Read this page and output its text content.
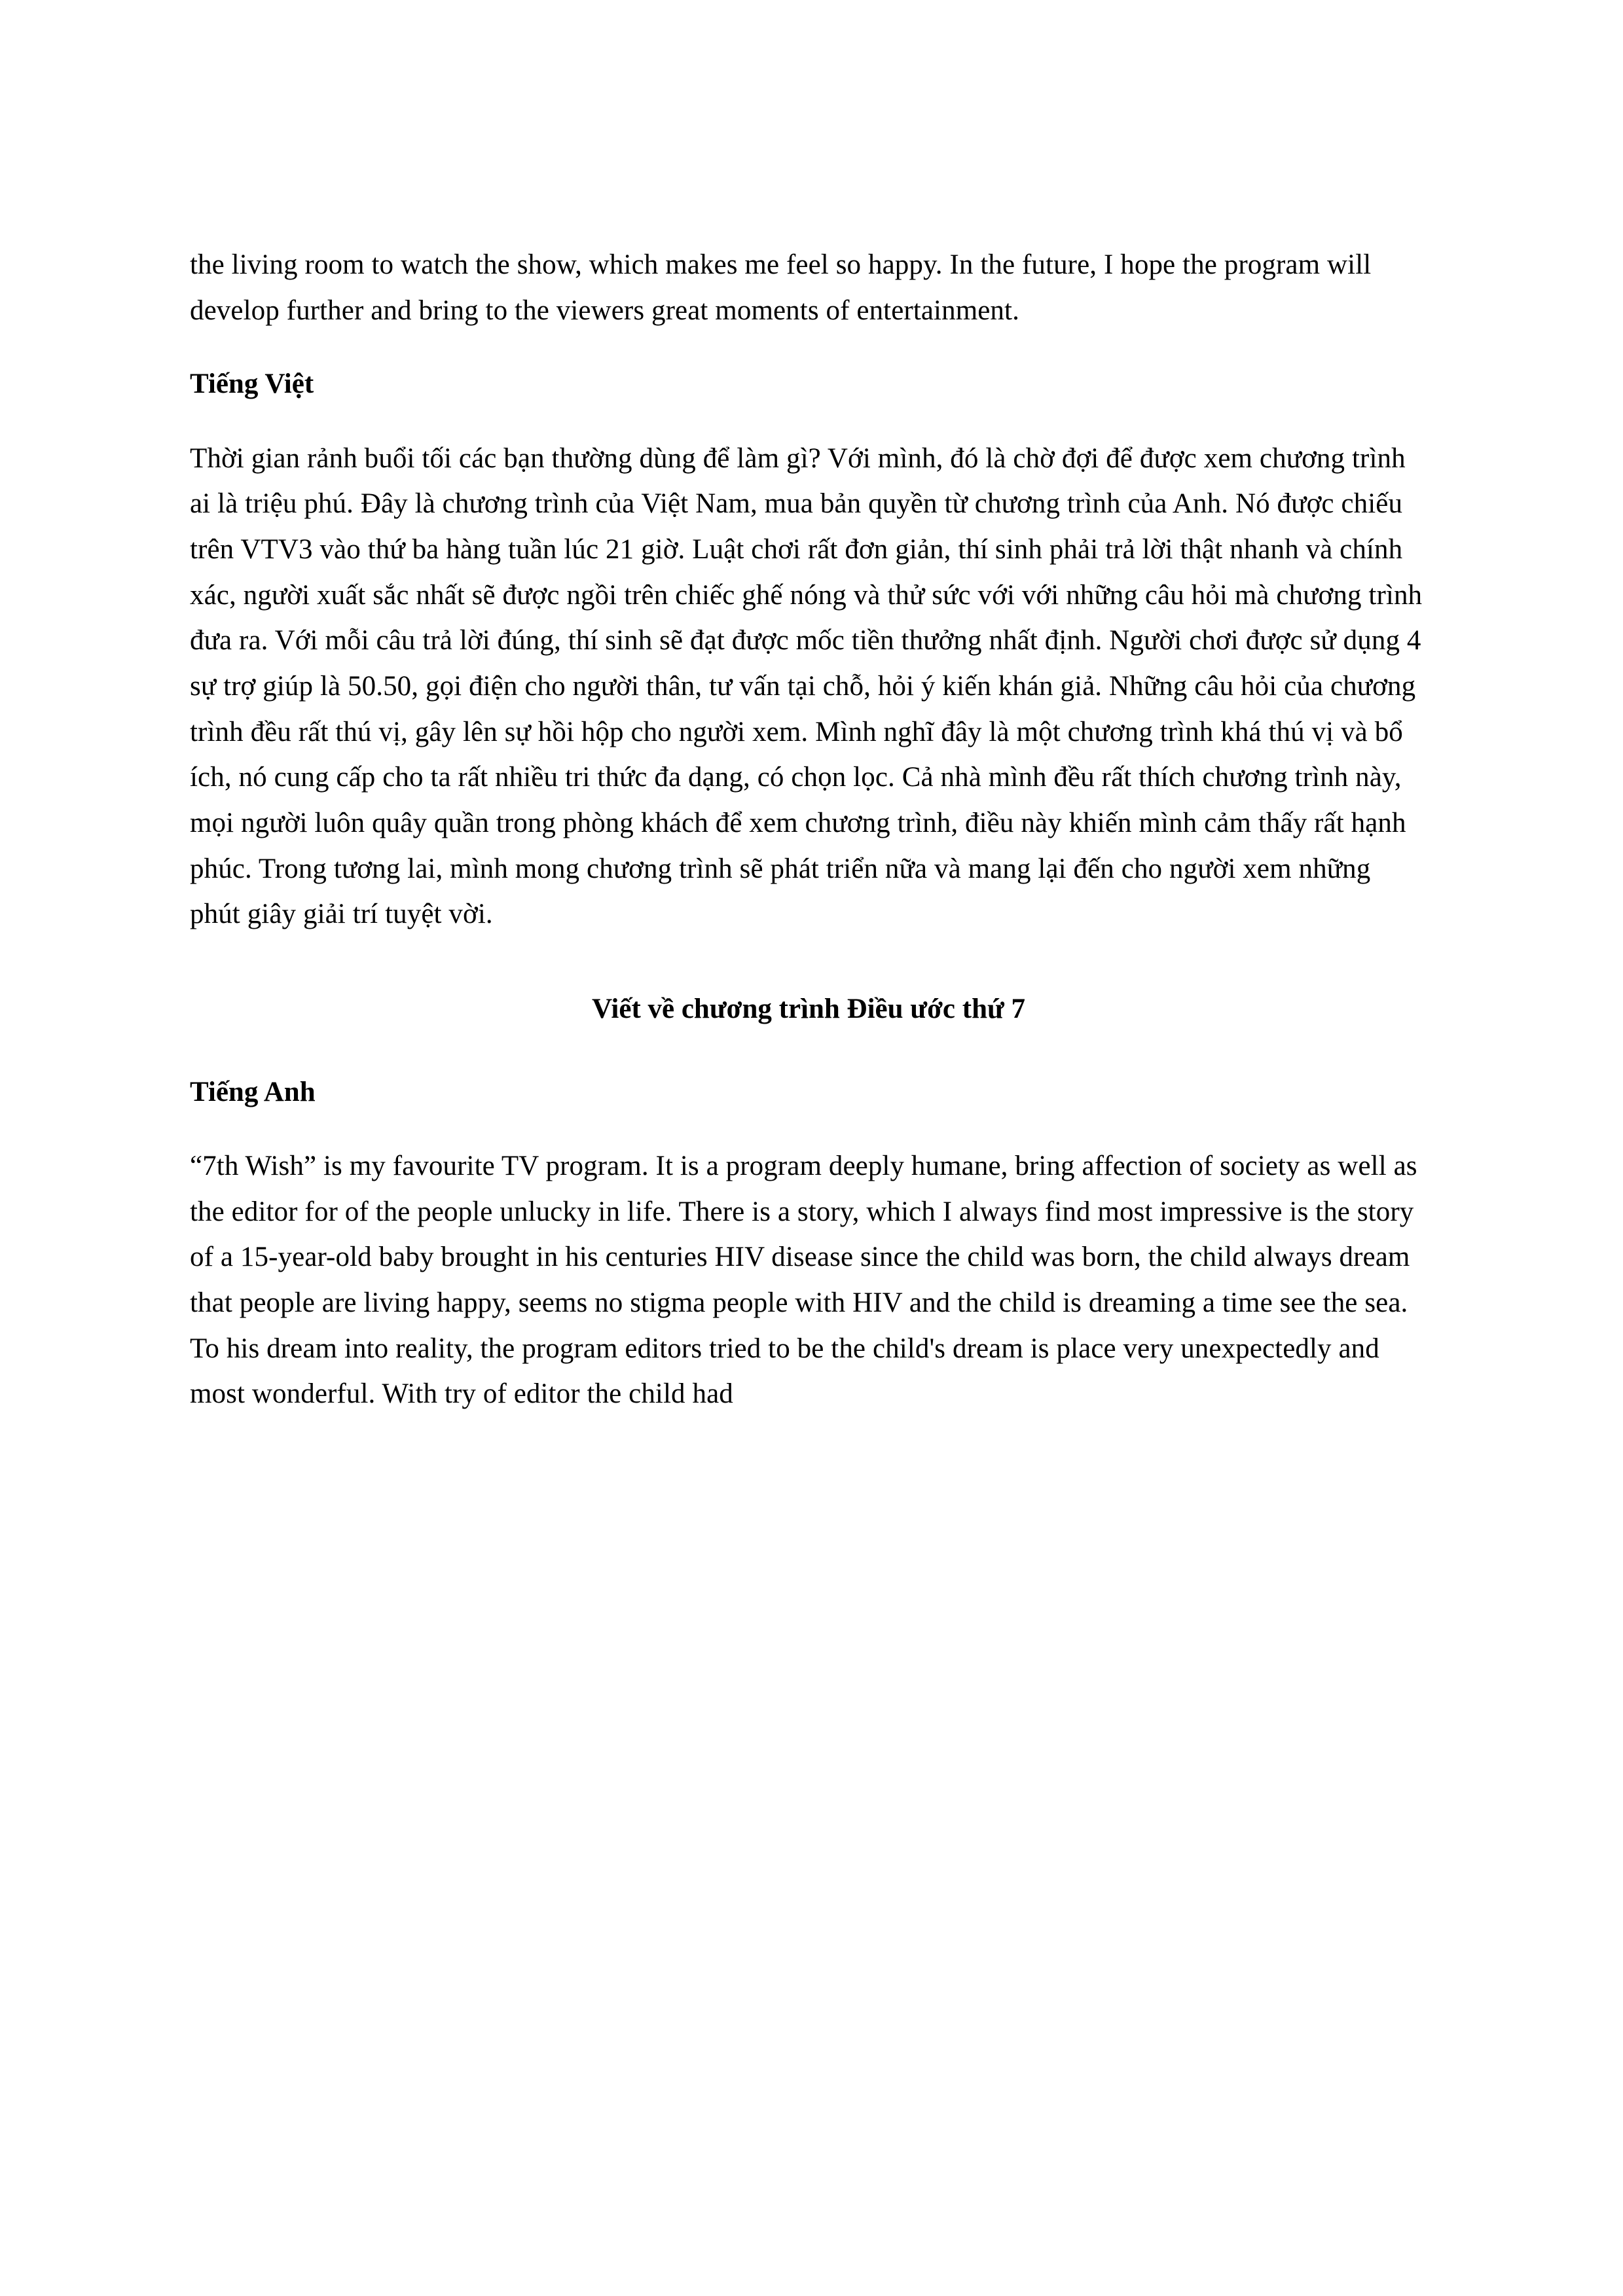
the living room to watch the show, which makes me feel so happy. In the future, I hope the program will develop further and bring to the viewers great moments of entertainment.

Tiếng Việt

Thời gian rảnh buổi tối các bạn thường dùng để làm gì? Với mình, đó là chờ đợi để được xem chương trình ai là triệu phú. Đây là chương trình của Việt Nam, mua bản quyền từ chương trình của Anh. Nó được chiếu trên VTV3 vào thứ ba hàng tuần lúc 21 giờ. Luật chơi rất đơn giản, thí sinh phải trả lời thật nhanh và chính xác, người xuất sắc nhất sẽ được ngồi trên chiếc ghế nóng và thử sức với với những câu hỏi mà chương trình đưa ra. Với mỗi câu trả lời đúng, thí sinh sẽ đạt được mốc tiền thưởng nhất định. Người chơi được sử dụng 4 sự trợ giúp là 50.50, gọi điện cho người thân, tư vấn tại chỗ, hỏi ý kiến khán giả. Những câu hỏi của chương trình đều rất thú vị, gây lên sự hồi hộp cho người xem. Mình nghĩ đây là một chương trình khá thú vị và bổ ích, nó cung cấp cho ta rất nhiều tri thức đa dạng, có chọn lọc. Cả nhà mình đều rất thích chương trình này, mọi người luôn quây quần trong phòng khách để xem chương trình, điều này khiến mình cảm thấy rất hạnh phúc. Trong tương lai, mình mong chương trình sẽ phát triển nữa và mang lại đến cho người xem những phút giây giải trí tuyệt vời.

Viết về chương trình Điều ước thứ 7
Tiếng Anh

“7th Wish” is my favourite TV program. It is a program deeply humane, bring affection of society as well as the editor for of the people unlucky in life. There is a story, which I always find most impressive is the story of a 15-year-old baby brought in his centuries HIV disease since the child was born, the child always dream that people are living happy, seems no stigma people with HIV and the child is dreaming a time see the sea. To his dream into reality, the program editors tried to be the child's dream is place very unexpectedly and most wonderful. With try of editor the child had
